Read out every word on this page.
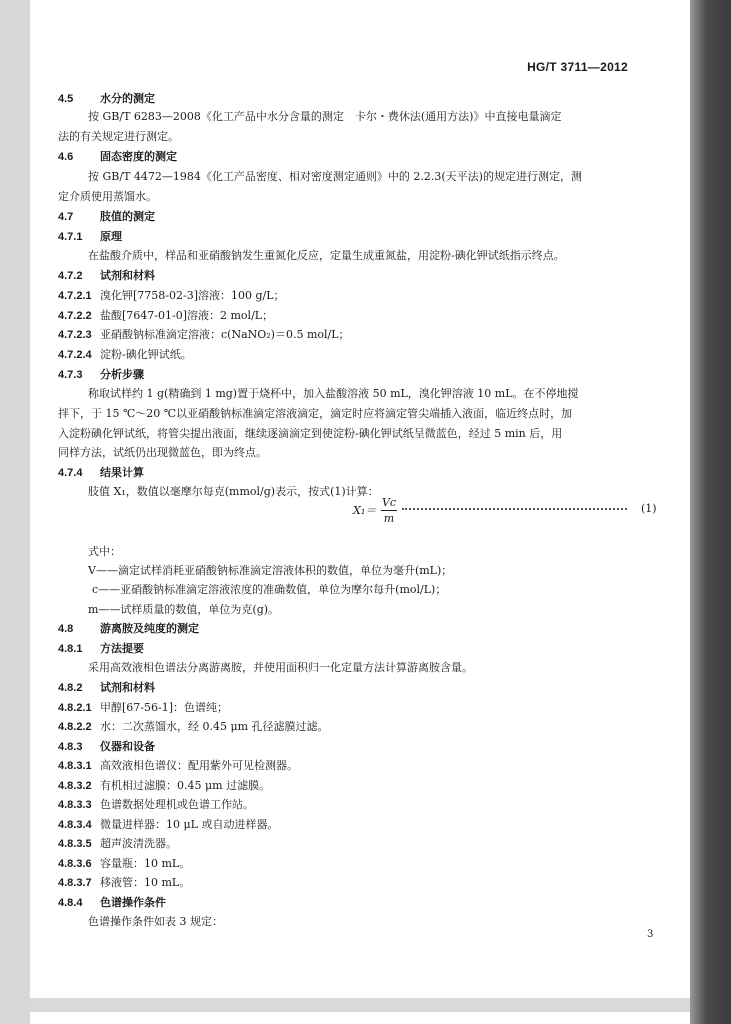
HG/T 3711—2012
4.5 水分的测定
按 GB/T 6283—2008《化工产品中水分含量的测定　卡尔・费休法(通用方法)》中直接电量滴定
法的有关规定进行测定。
4.6 固态密度的测定
按 GB/T 4472—1984《化工产品密度、相对密度测定通则》中的 2.2.3(天平法)的规定进行测定，测
定介质使用蒸馏水。
4.7 肢值的测定
4.7.1 原理
在盐酸介质中，样品和亚硝酸钠发生重氮化反应，定量生成重氮盐，用淀粉-碘化钾试纸指示终点。
4.7.2 试剂和材料
4.7.2.1 溴化钾[7758-02-3]溶液：100 g/L；
4.7.2.2 盐酸[7647-01-0]溶液：2 mol/L；
4.7.2.3 亚硝酸钠标准滴定溶液：c(NaNO₂)＝0.5 mol/L；
4.7.2.4 淀粉-碘化钾试纸。
4.7.3 分析步骤
称取试样约 1 g(精确到 1 mg)置于烧杯中，加入盐酸溶液 50 mL，溴化钾溶液 10 mL。在不停地搅
拌下，于 15 ℃～20 ℃以亚硝酸钠标准滴定溶液滴定，滴定时应将滴定管尖端插入液面，临近终点时，加
入淀粉碘化钾试纸，将管尖提出液面，继续逐滴滴定到使淀粉-碘化钾试纸呈微蓝色，经过 5 min 后，用
同样方法，试纸仍出现微蓝色，即为终点。
4.7.4 结果计算
肢值 X₁，数值以毫摩尔每克(mmol/g)表示，按式(1)计算：
式中：
V——滴定试样消耗亚硝酸钠标准滴定溶液体积的数值，单位为毫升(mL)；
c——亚硝酸钠标准滴定溶液浓度的准确数值，单位为摩尔每升(mol/L)；
m——试样质量的数值，单位为克(g)。
4.8 游离胺及纯度的测定
4.8.1 方法提要
采用高效液相色谱法分离游离胺，并使用面积归一化定量方法计算游离胺含量。
4.8.2 试剂和材料
4.8.2.1 甲醇[67-56-1]：色谱纯；
4.8.2.2 水：二次蒸馏水，经 0.45 μm 孔径滤膜过滤。
4.8.3 仪器和设备
4.8.3.1 高效液相色谱仪：配用紫外可见检测器。
4.8.3.2 有机相过滤膜：0.45 μm 过滤膜。
4.8.3.3 色谱数据处理机或色谱工作站。
4.8.3.4 微量进样器：10 μL 或自动进样器。
4.8.3.5 超声波清洗器。
4.8.3.6 容量瓶：10 mL。
4.8.3.7 移液管：10 mL。
4.8.4 色谱操作条件
色谱操作条件如表 3 规定：
X₁＝
Vc
m
(1)
3
